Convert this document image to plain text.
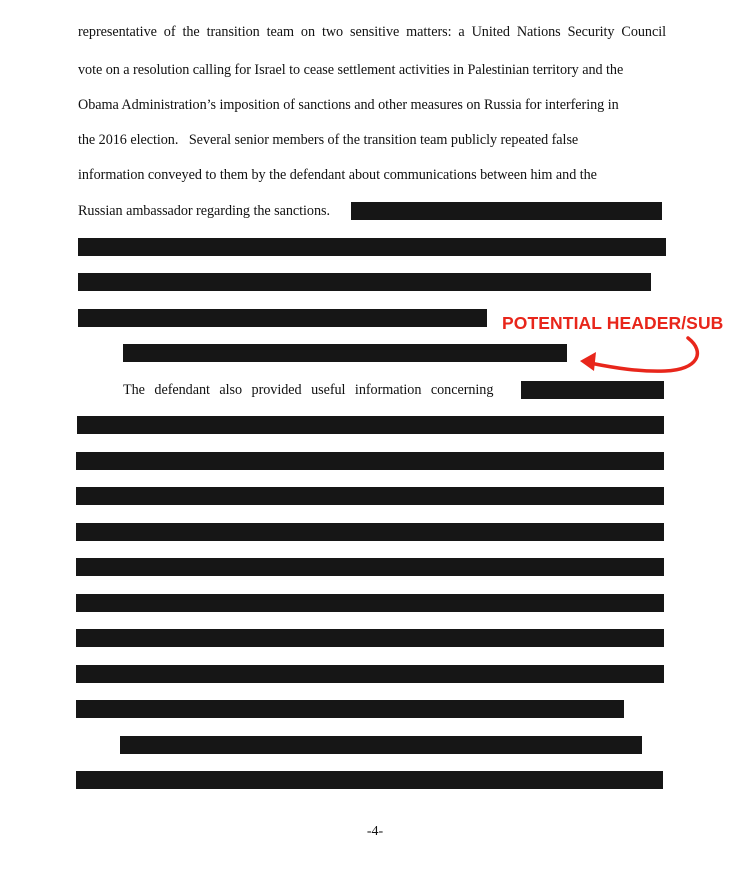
representative of the transition team on two sensitive matters: a United Nations Security Council
vote on a resolution calling for Israel to cease settlement activities in Palestinian territory and the
Obama Administration’s imposition of sanctions and other measures on Russia for interfering in
the 2016 election.   Several senior members of the transition team publicly repeated false
information conveyed to them by the defendant about communications between him and the
Russian ambassador regarding the sanctions.
POTENTIAL HEADER/SUB
The defendant also provided useful information concerning
-4-
